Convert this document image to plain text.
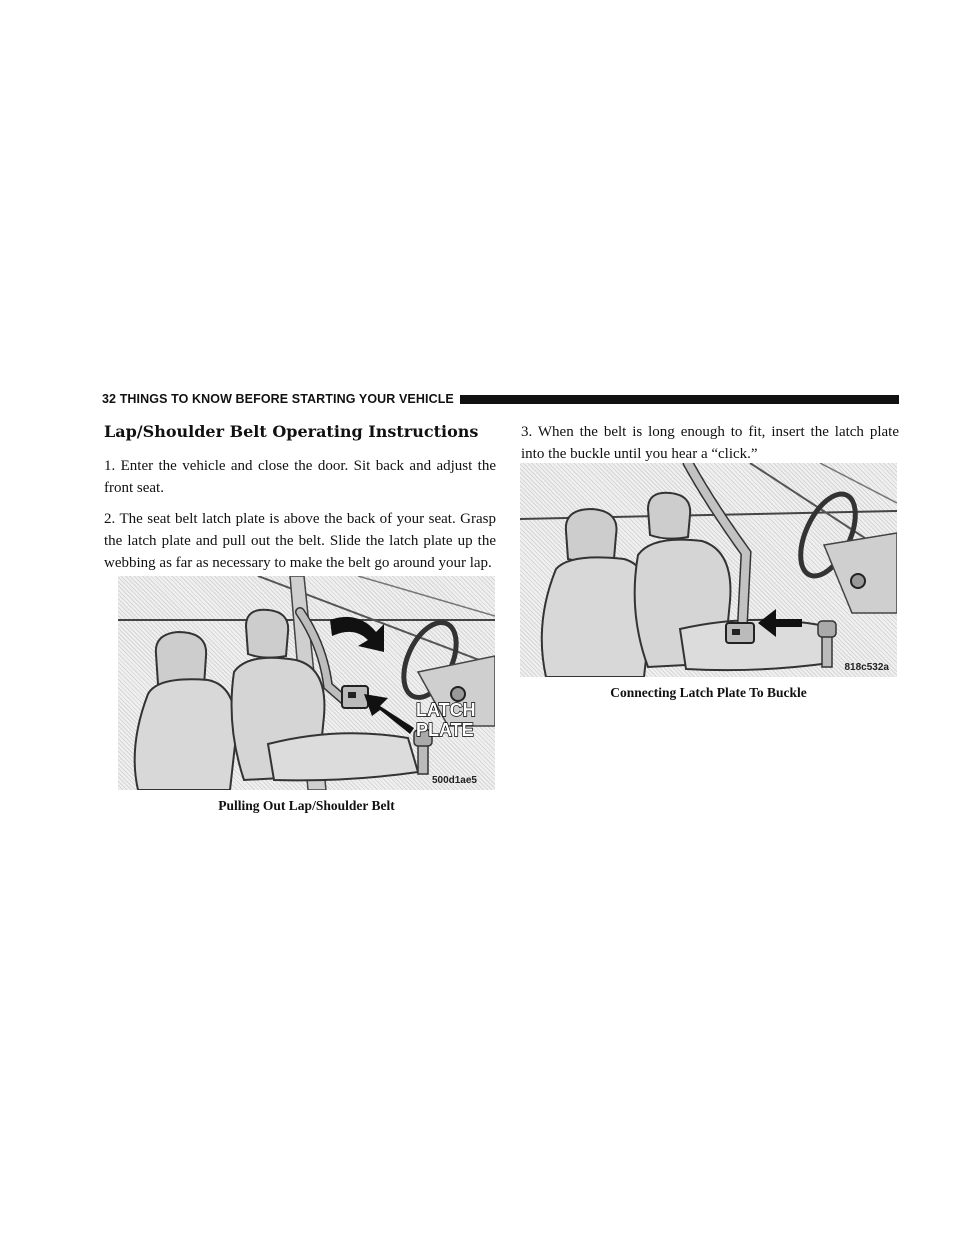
32 THINGS TO KNOW BEFORE STARTING YOUR VEHICLE
Lap/Shoulder Belt Operating Instructions

1. Enter the vehicle and close the door. Sit back and adjust the front seat.

2. The seat belt latch plate is above the back of your seat. Grasp the latch plate and pull out the belt. Slide the latch plate up the webbing as far as necessary to make the belt go around your lap.

3. When the belt is long enough to fit, insert the latch plate into the buckle until you hear a “click.”

LATCH
PLATE
500d1ae5
Pulling Out Lap/Shoulder Belt
818c532a
Connecting Latch Plate To Buckle
